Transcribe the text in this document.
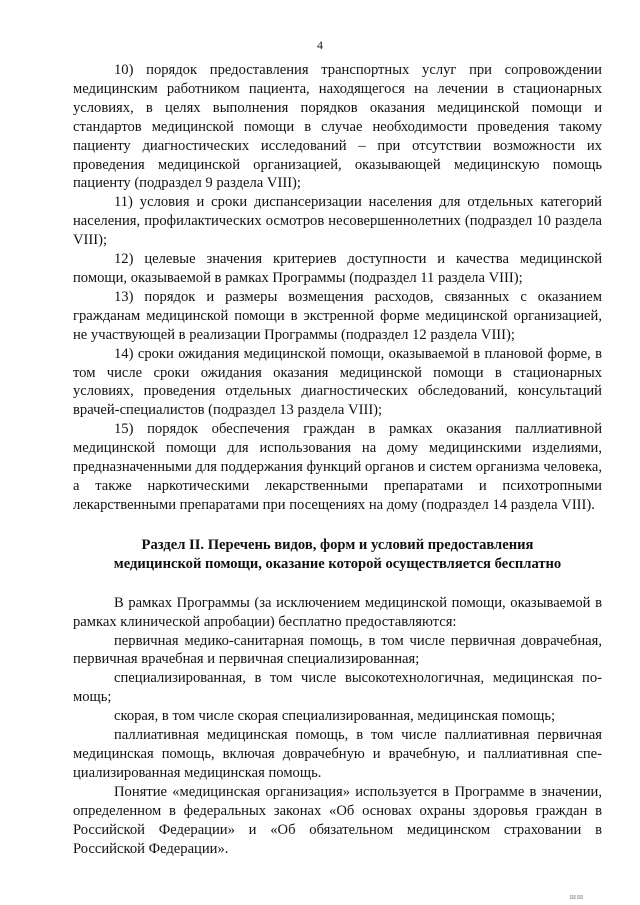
4

10) порядок предоставления транспортных услуг при сопровождении медицинским работником пациента, находящегося на лечении в стационарных условиях, в целях выполнения порядков оказания медицинской помощи и стандартов медицинской помощи в случае необходимости проведения такому пациенту диагностических исследований – при отсутствии возможности их проведения медицинской организацией, оказывающей медицинскую помощь пациенту (подраздел 9 раздела VIII);

11) условия и сроки диспансеризации населения для отдельных категорий населения, профилактических осмотров несовершеннолетних (подраздел 10 раздела VIII);

12) целевые значения критериев доступности и качества медицинской помощи, оказываемой в рамках Программы (подраздел 11 раздела VIII);

13) порядок и размеры возмещения расходов, связанных с оказанием гражданам медицинской помощи в экстренной форме медицинской организацией, не участвующей в реализации Программы (подраздел 12 раздела VIII);

14) сроки ожидания медицинской помощи, оказываемой в плановой форме, в том числе сроки ожидания оказания медицинской помощи в стационарных условиях, проведения отдельных диагностических обследований, консультаций врачей-специалистов (подраздел 13 раздела VIII);

15) порядок обеспечения граждан в рамках оказания паллиативной медицинской помощи для использования на дому медицинскими изделиями, предназначенными для поддержания функций органов и систем организма человека, а также наркотическими лекарственными препаратами и психотропными лекарственными препаратами при посещениях на дому (подраздел 14 раздела VIII).

Раздел II. Перечень видов, форм и условий предоставления
медицинской помощи, оказание которой осуществляется бесплатно

В рамках Программы (за исключением медицинской помощи, оказываемой в рамках клинической апробации) бесплатно предоставляются:

первичная медико-санитарная помощь, в том числе первичная доврачебная, первичная врачебная и первичная специализированная;

специализированная, в том числе высокотехнологичная, медицинская помощь;

скорая, в том числе скорая специализированная, медицинская помощь;

паллиативная медицинская помощь, в том числе паллиативная первичная медицинская помощь, включая доврачебную и врачебную, и паллиативная специализированная медицинская помощь.

Понятие «медицинская организация» используется в Программе в значении, определенном в федеральных законах «Об основах охраны здоровья граждан в Российской Федерации» и «Об обязательном медицинском страховании в Российской Федерации».

ШШ
